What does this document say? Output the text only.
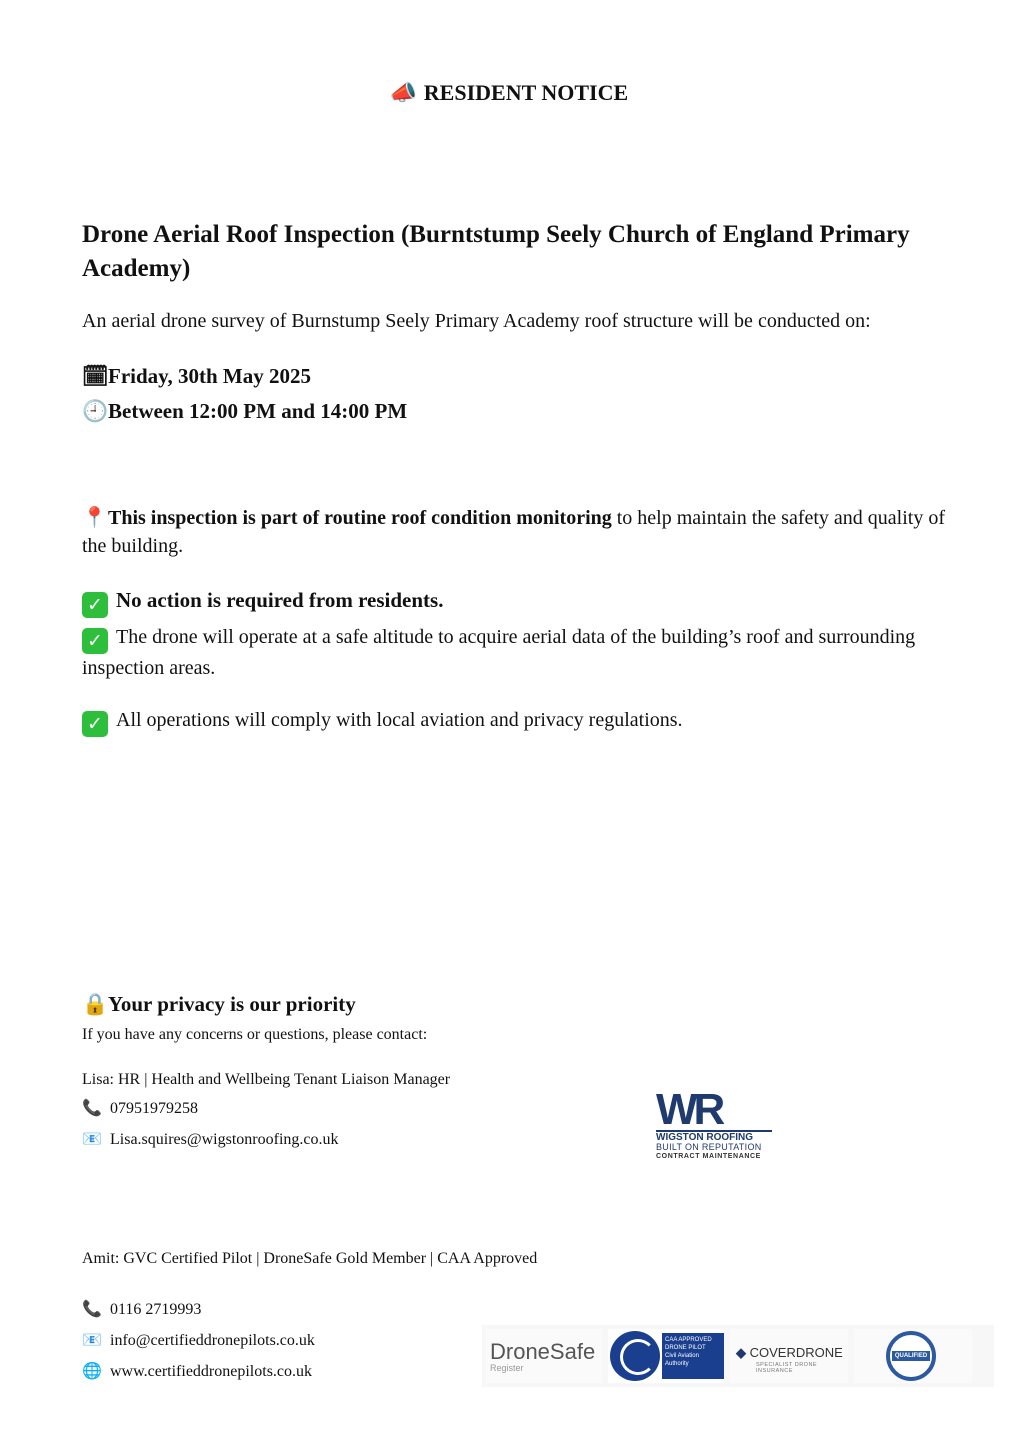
📣 RESIDENT NOTICE
Drone Aerial Roof Inspection (Burntstump Seely Church of England Primary Academy)
An aerial drone survey of Burnstump Seely Primary Academy roof structure will be conducted on:
🗓Friday, 30th May 2025
🕘Between 12:00 PM and 14:00 PM
📍This inspection is part of routine roof condition monitoring to help maintain the safety and quality of the building.
✓ No action is required from residents.
✓ The drone will operate at a safe altitude to acquire aerial data of the building’s roof and surrounding inspection areas.
✓ All operations will comply with local aviation and privacy regulations.
🔒Your privacy is our priority
If you have any concerns or questions, please contact:
Lisa: HR | Health and Wellbeing Tenant Liaison Manager
📞 07951979258
📧 Lisa.squires@wigstonroofing.co.uk
WR
WIGSTON ROOFING
BUILT ON REPUTATION
CONTRACT MAINTENANCE
Amit: GVC Certified Pilot | DroneSafe Gold Member | CAA Approved
📞 0116 2719993
📧 info@certifieddronepilots.co.uk
🌐 www.certifieddronepilots.co.uk
DroneSafe
Register
CAA APPROVED DRONE PILOT
Civil Aviation Authority
◆ COVERDRONE
SPECIALIST DRONE INSURANCE
QUALIFIED
